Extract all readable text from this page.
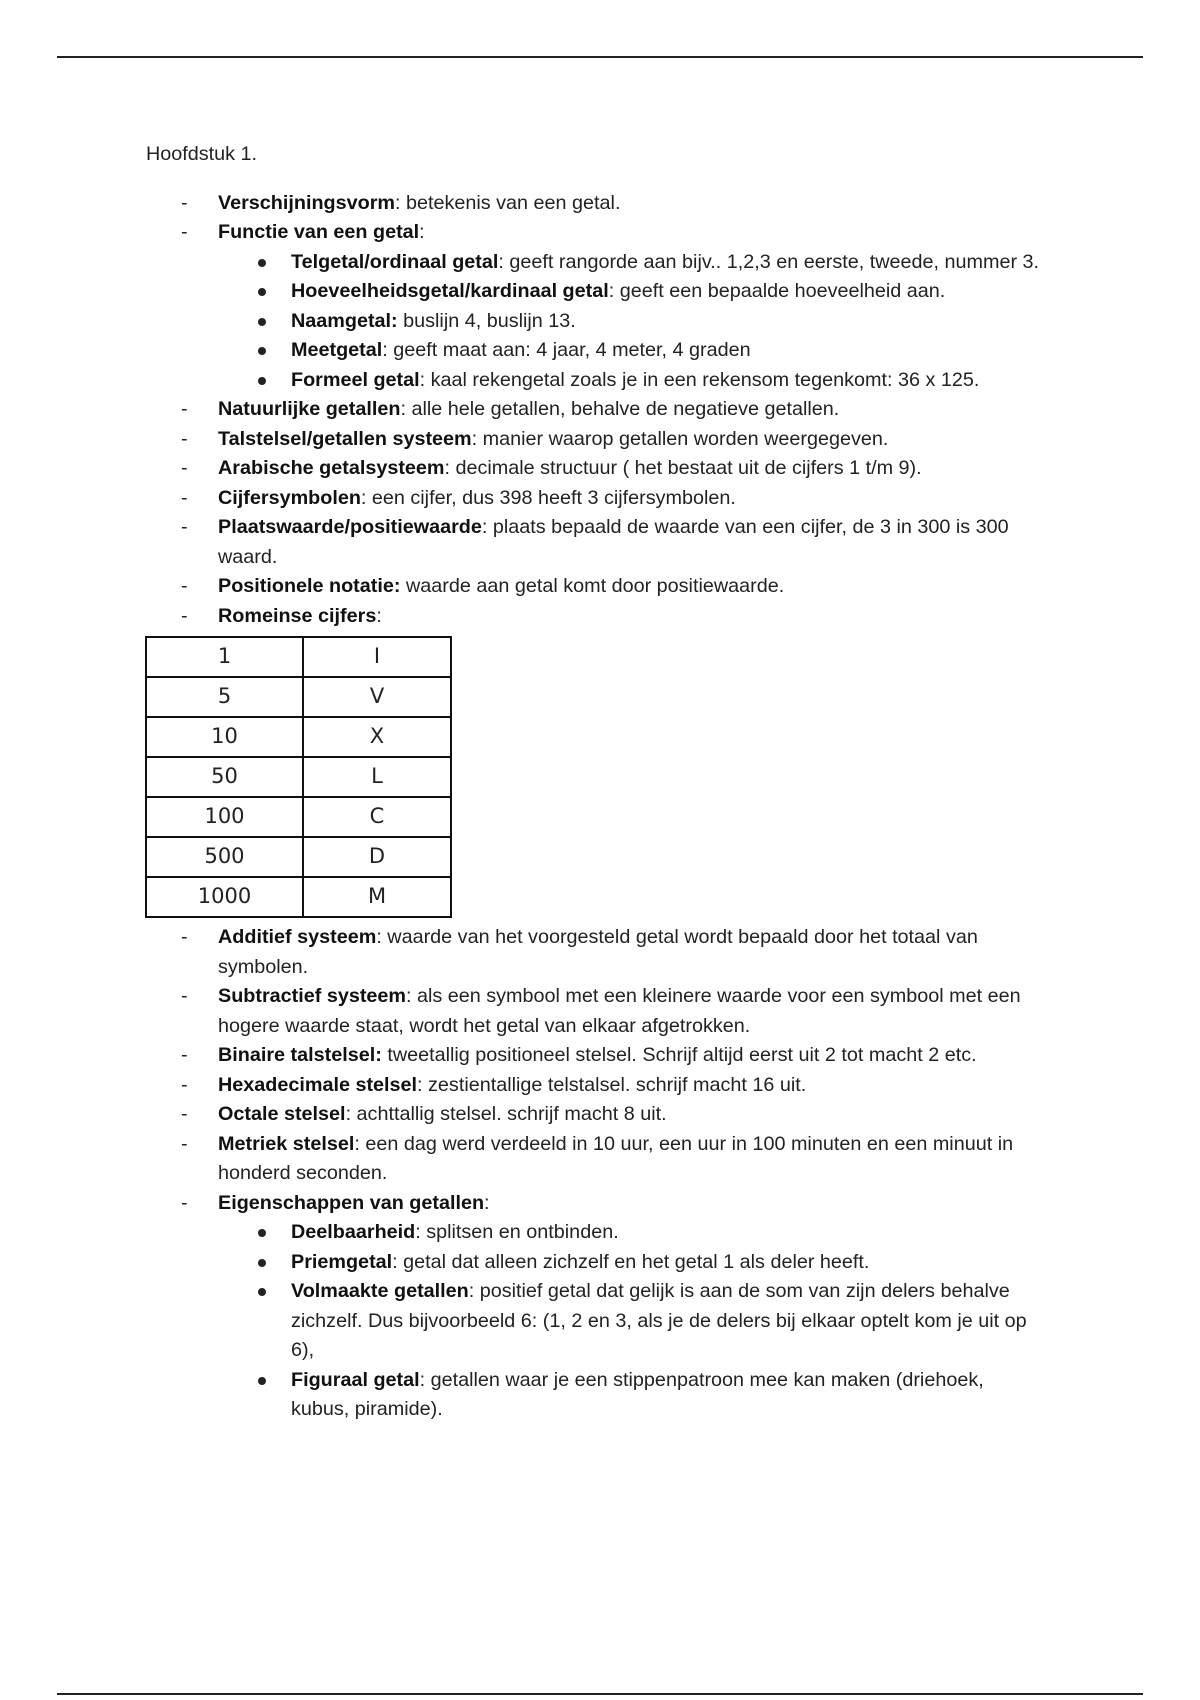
Hoofdstuk 1.
- Verschijningsvorm: betekenis van een getal.
- Functie van een getal:
Telgetal/ordinaal getal: geeft rangorde aan bijv.. 1,2,3 en eerste, tweede, nummer 3.
Hoeveelheidsgetal/kardinaal getal: geeft een bepaalde hoeveelheid aan.
Naamgetal: buslijn 4, buslijn 13.
Meetgetal: geeft maat aan: 4 jaar, 4 meter, 4 graden
Formeel getal: kaal rekengetal zoals je in een rekensom tegenkomt: 36 x 125.
- Natuurlijke getallen: alle hele getallen, behalve de negatieve getallen.
- Talstelsel/getallen systeem: manier waarop getallen worden weergegeven.
- Arabische getalsysteem: decimale structuur ( het bestaat uit de cijfers 1 t/m 9).
- Cijfersymbolen: een cijfer, dus 398 heeft 3 cijfersymbolen.
- Plaatswaarde/positiewaarde: plaats bepaald de waarde van een cijfer, de 3 in 300 is 300 waard.
- Positionele notatie: waarde aan getal komt door positiewaarde.
- Romeinse cijfers:
1	I
5	V
10	X
50	L
100	C
500	D
1000	M
- Additief systeem: waarde van het voorgesteld getal wordt bepaald door het totaal van symbolen.
- Subtractief systeem: als een symbool met een kleinere waarde voor een symbool met een hogere waarde staat, wordt het getal van elkaar afgetrokken.
- Binaire talstelsel: tweetallig positioneel stelsel. Schrijf altijd eerst uit 2 tot macht 2 etc.
- Hexadecimale stelsel: zestientallige telstalsel. schrijf macht 16 uit.
- Octale stelsel: achttallig stelsel. schrijf macht 8 uit.
- Metriek stelsel: een dag werd verdeeld in 10 uur, een uur in 100 minuten en een minuut in honderd seconden.
- Eigenschappen van getallen:
Deelbaarheid: splitsen en ontbinden.
Priemgetal: getal dat alleen zichzelf en het getal 1 als deler heeft.
Volmaakte getallen: positief getal dat gelijk is aan de som van zijn delers behalve zichzelf. Dus bijvoorbeeld 6: (1, 2 en 3, als je de delers bij elkaar optelt kom je uit op 6),
Figuraal getal: getallen waar je een stippenpatroon mee kan maken (driehoek, kubus, piramide).
